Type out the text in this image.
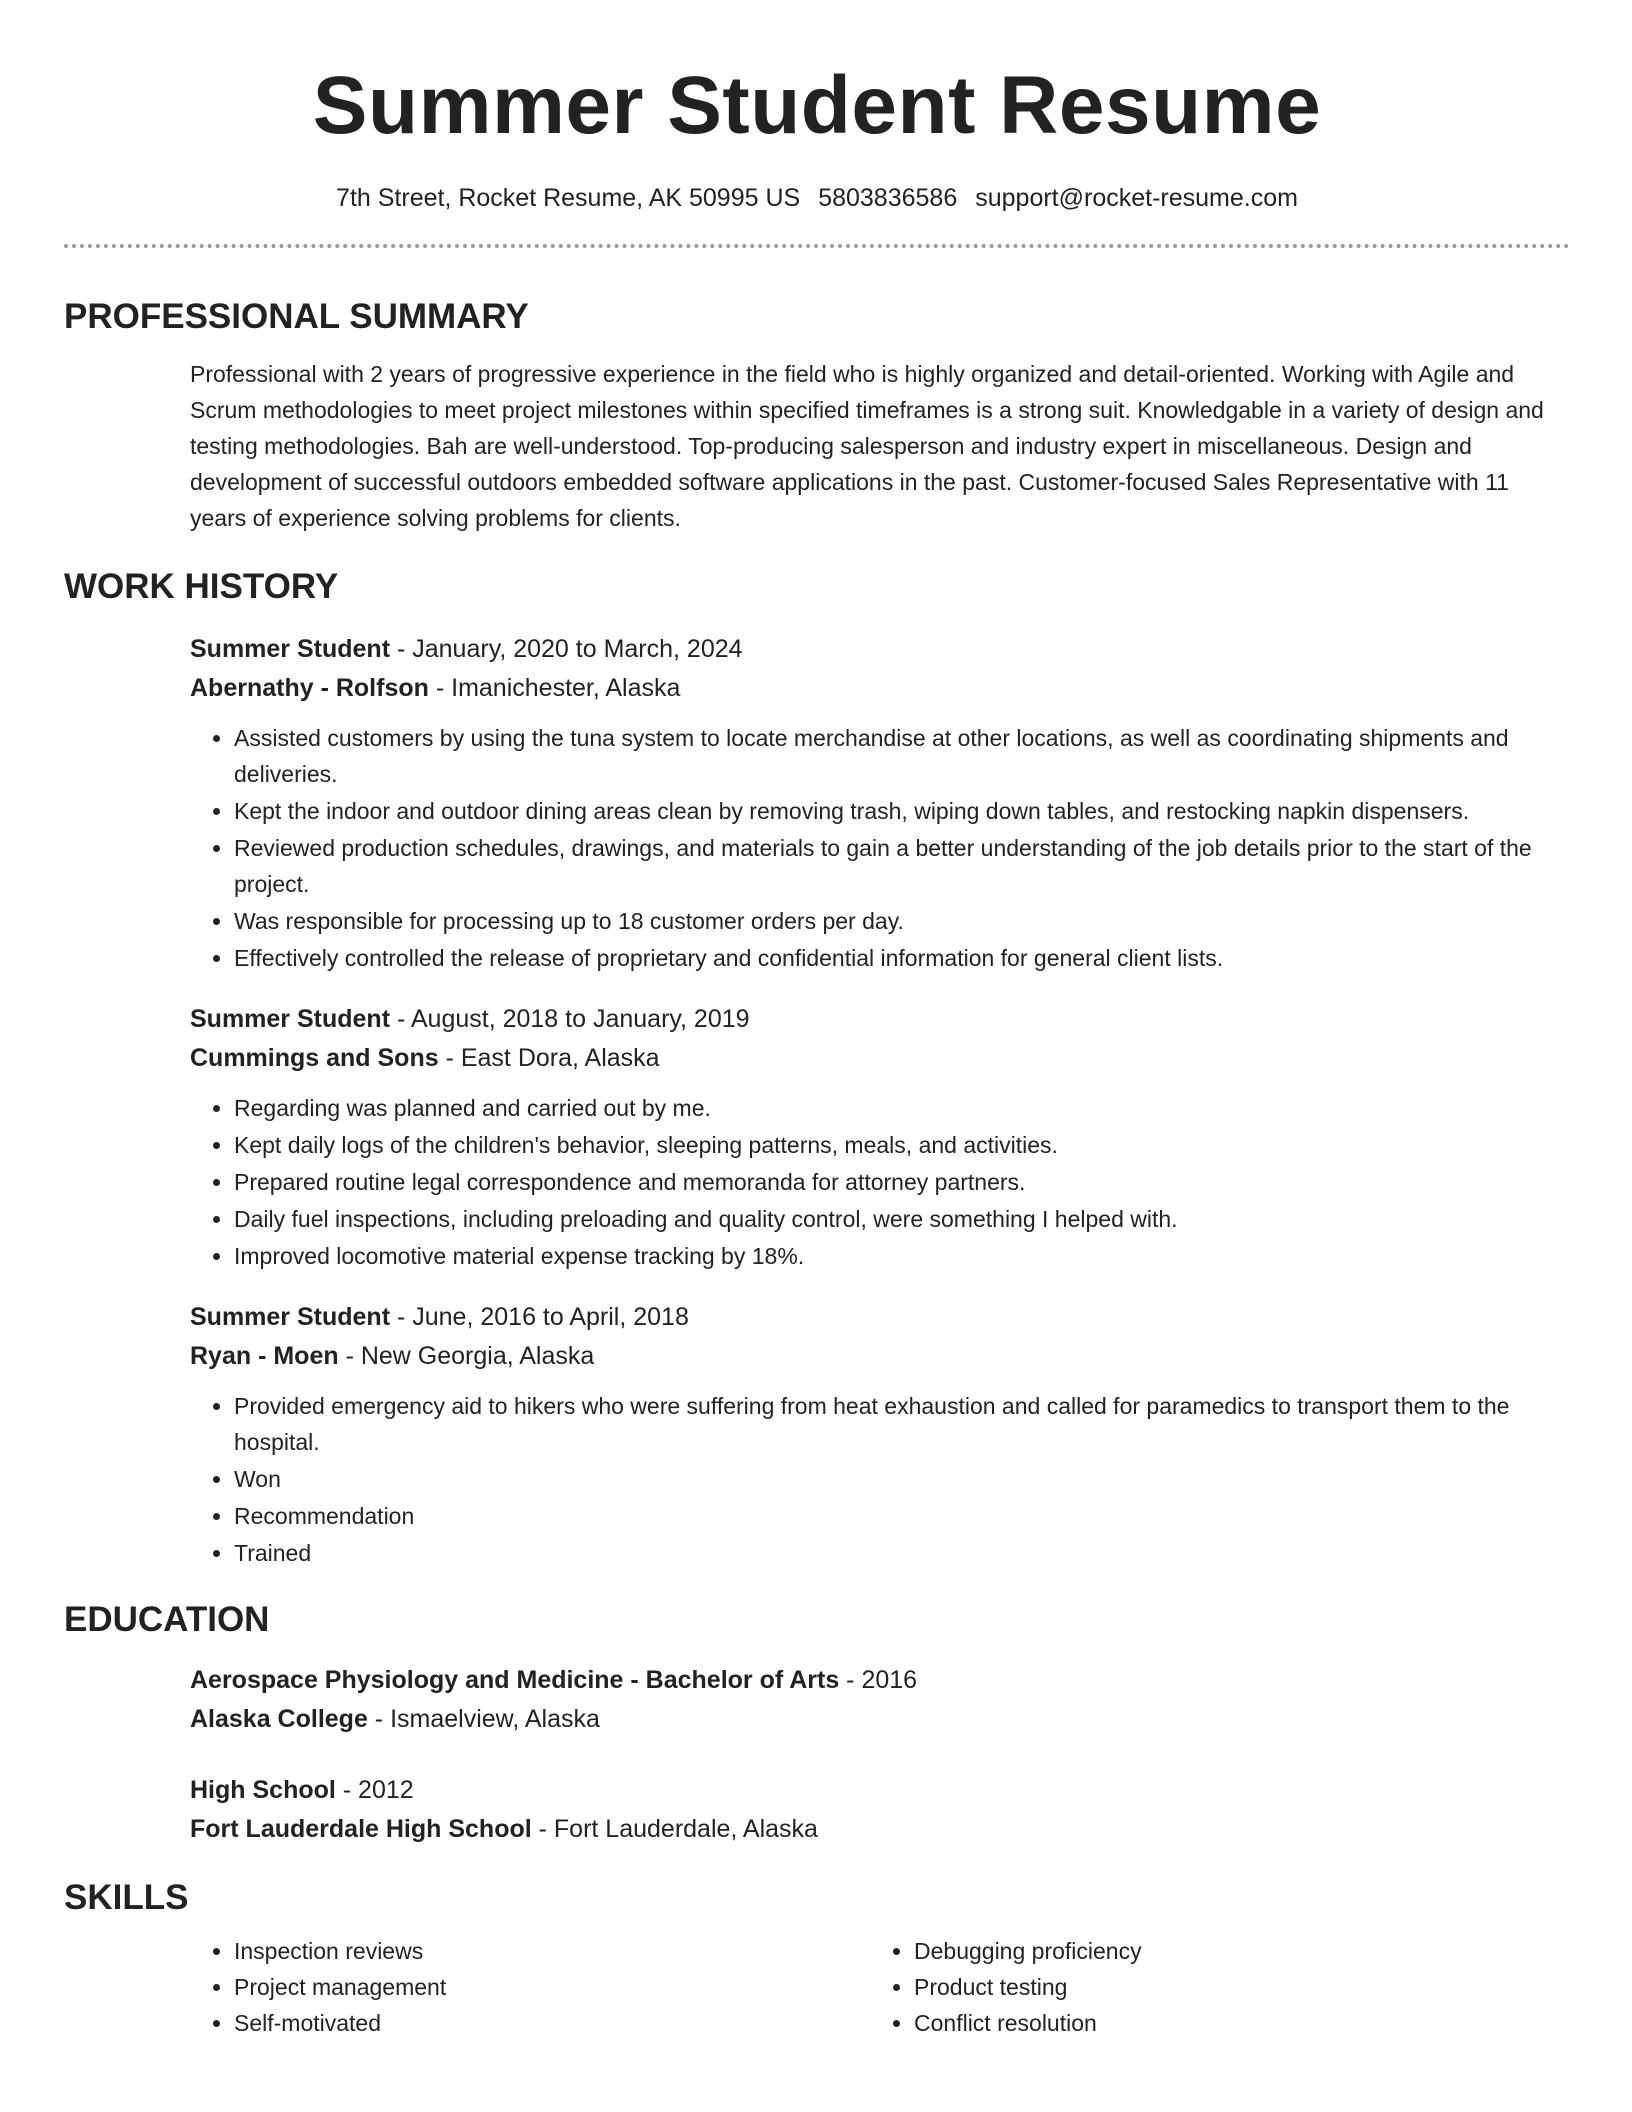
Summer Student Resume
7th Street, Rocket Resume, AK 50995 US 5803836586 support@rocket-resume.com
PROFESSIONAL SUMMARY
Professional with 2 years of progressive experience in the field who is highly organized and detail-oriented. Working with Agile and Scrum methodologies to meet project milestones within specified timeframes is a strong suit. Knowledgable in a variety of design and testing methodologies. Bah are well-understood. Top-producing salesperson and industry expert in miscellaneous. Design and development of successful outdoors embedded software applications in the past. Customer-focused Sales Representative with 11 years of experience solving problems for clients.
WORK HISTORY
Summer Student - January, 2020 to March, 2024
Abernathy - Rolfson - Imanichester, Alaska
• Assisted customers by using the tuna system to locate merchandise at other locations, as well as coordinating shipments and deliveries.
• Kept the indoor and outdoor dining areas clean by removing trash, wiping down tables, and restocking napkin dispensers.
• Reviewed production schedules, drawings, and materials to gain a better understanding of the job details prior to the start of the project.
• Was responsible for processing up to 18 customer orders per day.
• Effectively controlled the release of proprietary and confidential information for general client lists.
Summer Student - August, 2018 to January, 2019
Cummings and Sons - East Dora, Alaska
• Regarding was planned and carried out by me.
• Kept daily logs of the children's behavior, sleeping patterns, meals, and activities.
• Prepared routine legal correspondence and memoranda for attorney partners.
• Daily fuel inspections, including preloading and quality control, were something I helped with.
• Improved locomotive material expense tracking by 18%.
Summer Student - June, 2016 to April, 2018
Ryan - Moen - New Georgia, Alaska
• Provided emergency aid to hikers who were suffering from heat exhaustion and called for paramedics to transport them to the hospital.
• Won
• Recommendation
• Trained
EDUCATION
Aerospace Physiology and Medicine - Bachelor of Arts - 2016
Alaska College - Ismaelview, Alaska
High School - 2012
Fort Lauderdale High School - Fort Lauderdale, Alaska
SKILLS
• Inspection reviews
• Project management
• Self-motivated
• Debugging proficiency
• Product testing
• Conflict resolution
